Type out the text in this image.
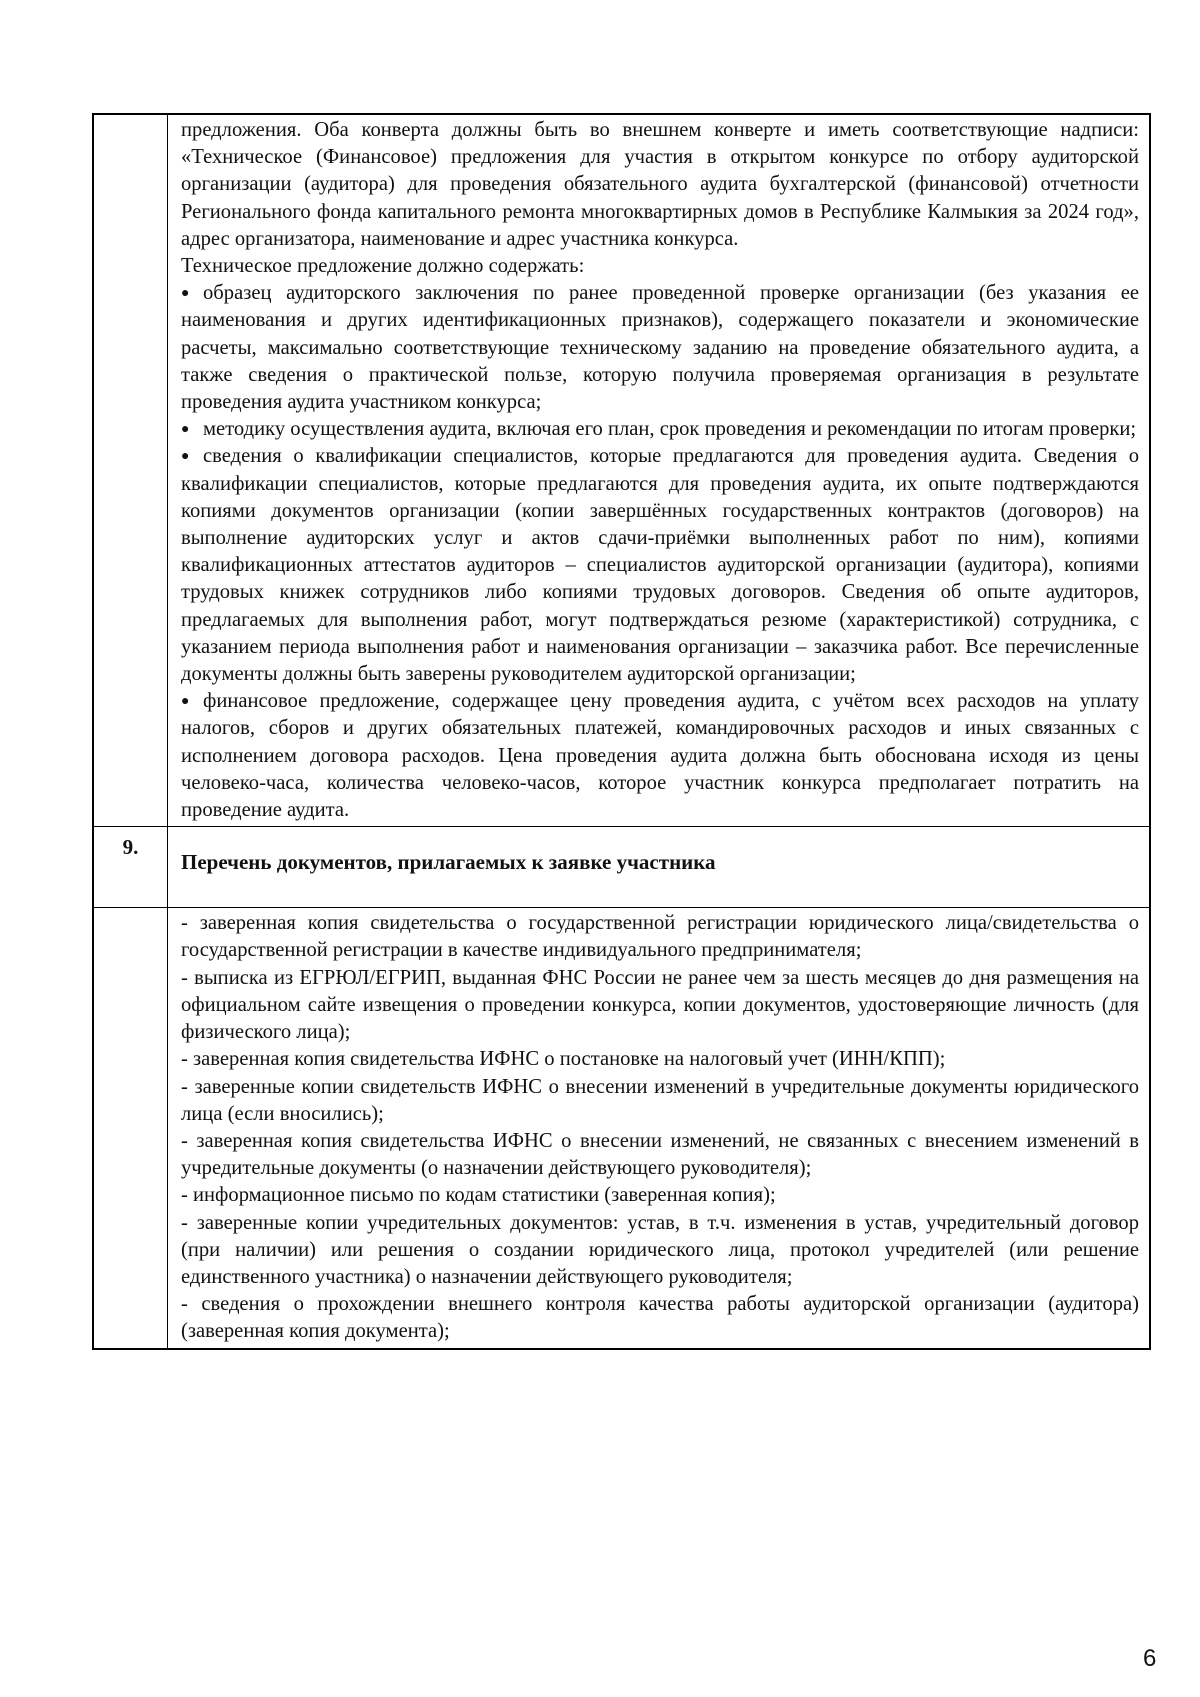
предложения. Оба конверта должны быть во внешнем конверте и иметь соответствующие надписи: «Техническое (Финансовое) предложения для участия в открытом конкурсе по отбору аудиторской организации (аудитора) для проведения обязательного аудита бухгалтерской (финансовой) отчетности Регионального фонда капитального ремонта многоквартирных домов в Республике Калмыкия за 2024 год», адрес организатора, наименование и адрес участника конкурса.

Техническое предложение должно содержать:

● образец аудиторского заключения по ранее проведенной проверке организации (без указания ее наименования и других идентификационных признаков), содержащего показатели и экономические расчеты, максимально соответствующие техническому заданию на проведение обязательного аудита, а также сведения о практической пользе, которую получила проверяемая организация в результате проведения аудита участником конкурса;

● методику осуществления аудита, включая его план, срок проведения и рекомендации по итогам проверки;

● сведения о квалификации специалистов, которые предлагаются для проведения аудита. Сведения о квалификации специалистов, которые предлагаются для проведения аудита, их опыте подтверждаются копиями документов организации (копии завершённых государственных контрактов (договоров) на выполнение аудиторских услуг и актов сдачи-приёмки выполненных работ по ним), копиями квалификационных аттестатов аудиторов – специалистов аудиторской организации (аудитора), копиями трудовых книжек сотрудников либо копиями трудовых договоров. Сведения об опыте аудиторов, предлагаемых для выполнения работ, могут подтверждаться резюме (характеристикой) сотрудника, с указанием периода выполнения работ и наименования организации – заказчика работ. Все перечисленные документы должны быть заверены руководителем аудиторской организации;

● финансовое предложение, содержащее цену проведения аудита, с учётом всех расходов на уплату налогов, сборов и других обязательных платежей, командировочных расходов и иных связанных с исполнением договора расходов. Цена проведения аудита должна быть обоснована исходя из цены человеко-часа, количества человеко-часов, которое участник конкурса предполагает потратить на проведение аудита.

9.
Перечень документов, прилагаемых к заявке участника

- заверенная копия свидетельства о государственной регистрации юридического лица/свидетельства о государственной регистрации в качестве индивидуального предпринимателя;

- выписка из ЕГРЮЛ/ЕГРИП, выданная ФНС России не ранее чем за шесть месяцев до дня размещения на официальном сайте извещения о проведении конкурса, копии документов, удостоверяющие личность (для физического лица);

- заверенная копия свидетельства ИФНС о постановке на налоговый учет (ИНН/КПП);

- заверенные копии свидетельств ИФНС о внесении изменений в учредительные документы юридического лица (если вносились);

- заверенная копия свидетельства ИФНС о внесении изменений, не связанных с внесением изменений в учредительные документы (о назначении действующего руководителя);

- информационное письмо по кодам статистики (заверенная копия);

- заверенные копии учредительных документов: устав, в т.ч. изменения в устав, учредительный договор (при наличии) или решения о создании юридического лица, протокол учредителей (или решение единственного участника) о назначении действующего руководителя;

- сведения о прохождении внешнего контроля качества работы аудиторской организации (аудитора) (заверенная копия документа);

6
